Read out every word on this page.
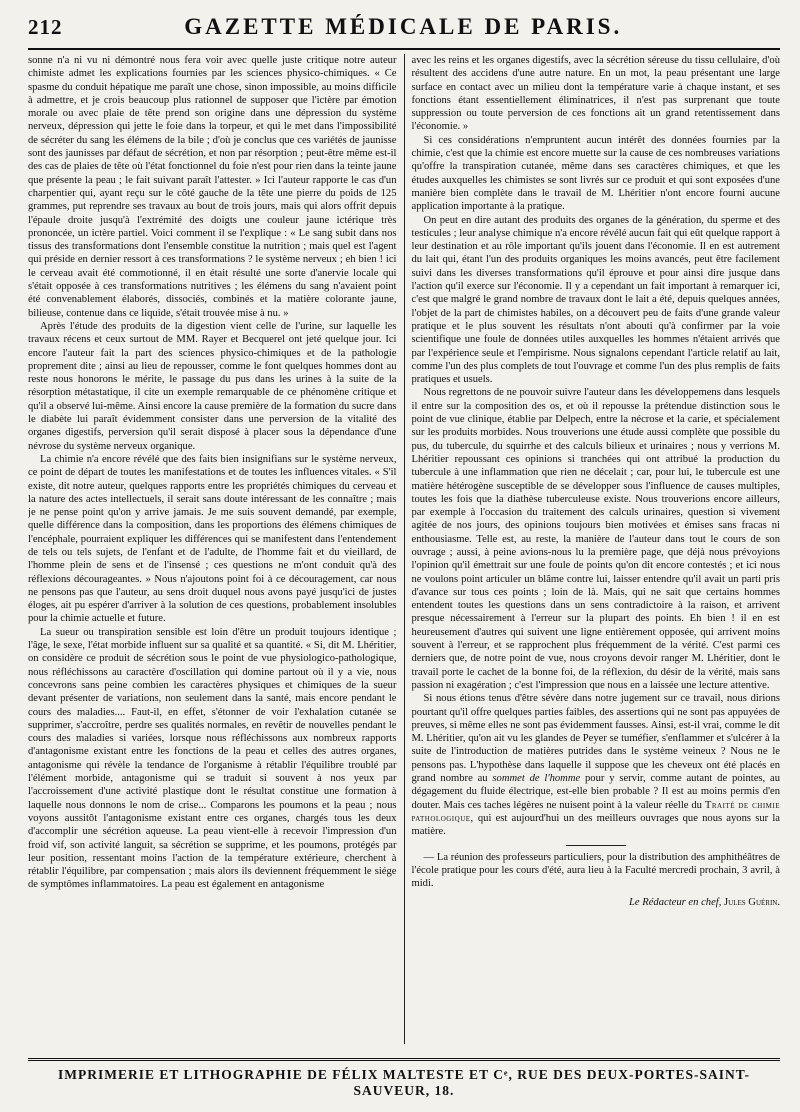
212	GAZETTE MÉDICALE DE PARIS.

sonne n'a ni vu ni démontré nous fera voir avec quelle juste critique notre auteur chimiste admet les explications fournies par les sciences physico-chimiques. « Ce spasme du conduit hépatique me paraît une chose, sinon impossible, au moins difficile à admettre, et je crois beaucoup plus rationnel de supposer que l'ictère par émotion morale ou avec plaie de tête prend son origine dans une dépression du système nerveux, dépression qui jette le foie dans la torpeur, et qui le met dans l'impossibilité de sécréter du sang les élémens de la bile ; d'où je conclus que ces variétés de jaunisse sont des jaunisses par défaut de sécrétion, et non par résorption ; peut-être même est-il des cas de plaies de tête où l'état fonctionnel du foie n'est pour rien dans la teinte jaune que présente la peau ; le fait suivant paraît l'attester. » Ici l'auteur rapporte le cas d'un charpentier qui, ayant reçu sur le côté gauche de la tête une pierre du poids de 125 grammes, put reprendre ses travaux au bout de trois jours, mais qui alors offrit depuis l'épaule droite jusqu'à l'extrémité des doigts une couleur jaune ictérique très prononcée, un ictère partiel. Voici comment il se l'explique : « Le sang subit dans nos tissus des transformations dont l'ensemble constitue la nutrition ; mais quel est l'agent qui préside en dernier ressort à ces transformations ? le système nerveux ; eh bien ! ici le cerveau avait été commotionné, il en était résulté une sorte d'anervie locale qui s'était opposée à ces transformations nutritives ; les élémens du sang n'avaient point été convenablement élaborés, dissociés, combinés et la matière colorante jaune, bilieuse, contenue dans ce liquide, s'était trouvée mise à nu. »

Après l'étude des produits de la digestion vient celle de l'urine, sur laquelle les travaux récens et ceux surtout de MM. Rayer et Becquerel ont jeté quelque jour. Ici encore l'auteur fait la part des sciences physico-chimiques et de la pathologie proprement dite ; ainsi au lieu de repousser, comme le font quelques hommes dont au reste nous honorons le mérite, le passage du pus dans les urines à la suite de la résorption métastatique, il cite un exemple remarquable de ce phénomène critique et qu'il a observé lui-même. Ainsi encore la cause première de la formation du sucre dans le diabète lui paraît évidemment consister dans une perversion de la vitalité des organes digestifs, perversion qu'il serait disposé à placer sous la dépendance d'une névrose du système nerveux organique.

La chimie n'a encore révélé que des faits bien insignifians sur le système nerveux, ce point de départ de toutes les manifestations et de toutes les influences vitales. « S'il existe, dit notre auteur, quelques rapports entre les propriétés chimiques du cerveau et la nature des actes intellectuels, il serait sans doute intéressant de les connaître ; mais je ne pense point qu'on y arrive jamais. Je me suis souvent demandé, par exemple, quelle différence dans la composition, dans les proportions des élémens chimiques de l'encéphale, pourraient expliquer les différences qui se manifestent dans l'entendement de tels ou tels sujets, de l'enfant et de l'adulte, de l'homme fait et du vieillard, de l'homme plein de sens et de l'insensé ; ces questions ne m'ont conduit qu'à des réflexions décourageantes. » Nous n'ajoutons point foi à ce découragement, car nous ne pensons pas que l'auteur, au sens droit duquel nous avons payé jusqu'ici de justes éloges, ait pu espérer d'arriver à la solution de ces questions, probablement insolubles pour la chimie actuelle et future.

La sueur ou transpiration sensible est loin d'être un produit toujours identique ; l'âge, le sexe, l'état morbide influent sur sa qualité et sa quantité. « Si, dit M. Lhéritier, on considère ce produit de sécrétion sous le point de vue physiologico-pathologique, nous réfléchissons au caractère d'oscillation qui domine partout où il y a vie, nous concevrons sans peine combien les caractères physiques et chimiques de la sueur devant présenter de variations, non seulement dans la santé, mais encore pendant le cours des maladies.... Faut-il, en effet, s'étonner de voir l'exhalation cutanée se supprimer, s'accroître, perdre ses qualités normales, en revêtir de nouvelles pendant le cours des maladies si variées, lorsque nous réfléchissons aux nombreux rapports d'antagonisme existant entre les fonctions de la peau et celles des autres organes, antagonisme qui révèle la tendance de l'organisme à rétablir l'équilibre troublé par l'élément morbide, antagonisme qui se traduit si souvent à nos yeux par l'accroissement d'une activité plastique dont le résultat constitue une formation à laquelle nous donnons le nom de crise... Comparons les poumons et la peau ; nous voyons aussitôt l'antagonisme existant entre ces organes, chargés tous les deux d'accomplir une sécrétion aqueuse. La peau vient-elle à recevoir l'impression d'un froid vif, son activité languit, sa sécrétion se supprime, et les poumons, protégés par leur position, ressentant moins l'action de la température extérieure, cherchent à rétablir l'équilibre, par compensation ; mais alors ils deviennent fréquemment le siége de symptômes inflammatoires. La peau est également en antagonisme

avec les reins et les organes digestifs, avec la sécrétion séreuse du tissu cellulaire, d'où résultent des accidens d'une autre nature. En un mot, la peau présentant une large surface en contact avec un milieu dont la température varie à chaque instant, et ses fonctions étant essentiellement éliminatrices, il n'est pas surprenant que toute suppression ou toute perversion de ces fonctions ait un grand retentissement dans l'économie. »

Si ces considérations n'empruntent aucun intérêt des données fournies par la chimie, c'est que la chimie est encore muette sur la cause de ces nombreuses variations qu'offre la transpiration cutanée, même dans ses caractères chimiques, et que les études auxquelles les chimistes se sont livrés sur ce produit et qui sont exposées d'une manière bien complète dans le travail de M. Lhéritier n'ont encore fourni aucune application importante à la pratique.

On peut en dire autant des produits des organes de la génération, du sperme et des testicules ; leur analyse chimique n'a encore révélé aucun fait qui eût quelque rapport à leur destination et au rôle important qu'ils jouent dans l'économie. Il en est autrement du lait qui, étant l'un des produits organiques les moins avancés, peut être facilement suivi dans les diverses transformations qu'il éprouve et pour ainsi dire jusque dans l'action qu'il exerce sur l'économie. Il y a cependant un fait important à remarquer ici, c'est que malgré le grand nombre de travaux dont le lait a été, depuis quelques années, l'objet de la part de chimistes habiles, on a découvert peu de faits d'une grande valeur pratique et le plus souvent les résultats n'ont abouti qu'à confirmer par la voie scientifique une foule de données utiles auxquelles les hommes n'étaient arrivés que par l'expérience seule et l'empirisme. Nous signalons cependant l'article relatif au lait, comme l'un des plus complets de tout l'ouvrage et comme l'un des plus remplis de faits pratiques et usuels.

Nous regrettons de ne pouvoir suivre l'auteur dans les développemens dans lesquels il entre sur la composition des os, et où il repousse la prétendue distinction sous le point de vue clinique, établie par Delpech, entre la nécrose et la carie, et spécialement sur les produits morbides. Nous trouverions une étude aussi complète que possible du pus, du tubercule, du squirrhe et des calculs bilieux et urinaires ; nous y verrions M. Lhéritier repoussant ces opinions si tranchées qui ont attribué la production du tubercule à une inflammation que rien ne décelait ; car, pour lui, le tubercule est une matière hétérogène susceptible de se développer sous l'influence de causes multiples, toutes les fois que la diathèse tuberculeuse existe. Nous trouverions encore ailleurs, par exemple à l'occasion du traitement des calculs urinaires, question si vivement agitée de nos jours, des opinions toujours bien motivées et émises sans fracas ni enthousiasme. Telle est, au reste, la manière de l'auteur dans tout le cours de son ouvrage ; aussi, à peine avions-nous lu la première page, que déjà nous prévoyions l'opinion qu'il émettrait sur une foule de points qu'on dit encore contestés ; et ici nous ne voulons point articuler un blâme contre lui, laisser entendre qu'il avait un parti pris d'avance sur tous ces points ; loin de là. Mais, qui ne sait que certains hommes entendent toutes les questions dans un sens contradictoire à la raison, et arrivent presque nécessairement à l'erreur sur la plupart des points. Eh bien ! il en est heureusement d'autres qui suivent une ligne entièrement opposée, qui arrivent moins souvent à l'erreur, et se rapprochent plus fréquemment de la vérité. C'est parmi ces derniers que, de notre point de vue, nous croyons devoir ranger M. Lhéritier, dont le travail porte le cachet de la bonne foi, de la réflexion, du désir de la vérité, mais sans passion ni exagération ; c'est l'impression que nous en a laissée une lecture attentive.

Si nous étions tenus d'être sévère dans notre jugement sur ce travail, nous dirions pourtant qu'il offre quelques parties faibles, des assertions qui ne sont pas appuyées de preuves, si même elles ne sont pas évidemment fausses. Ainsi, est-il vrai, comme le dit M. Lhéritier, qu'on ait vu les glandes de Peyer se tuméfier, s'enflammer et s'ulcérer à la suite de l'introduction de matières putrides dans le système veineux ? Nous ne le pensons pas. L'hypothèse dans laquelle il suppose que les cheveux ont été placés en grand nombre au sommet de l'homme pour y servir, comme autant de pointes, au dégagement du fluide électrique, est-elle bien probable ? Il est au moins permis d'en douter. Mais ces taches légères ne nuisent point à la valeur réelle du Traité de chimie pathologique, qui est aujourd'hui un des meilleurs ouvrages que nous ayons sur la matière.

— La réunion des professeurs particuliers, pour la distribution des amphithéâtres de l'école pratique pour les cours d'été, aura lieu à la Faculté mercredi prochain, 3 avril, à midi.

Le Rédacteur en chef, Jules Guérin.
IMPRIMERIE ET LITHOGRAPHIE DE FÉLIX MALTESTE ET Cᵉ, RUE DES DEUX-PORTES-SAINT-SAUVEUR, 18.
